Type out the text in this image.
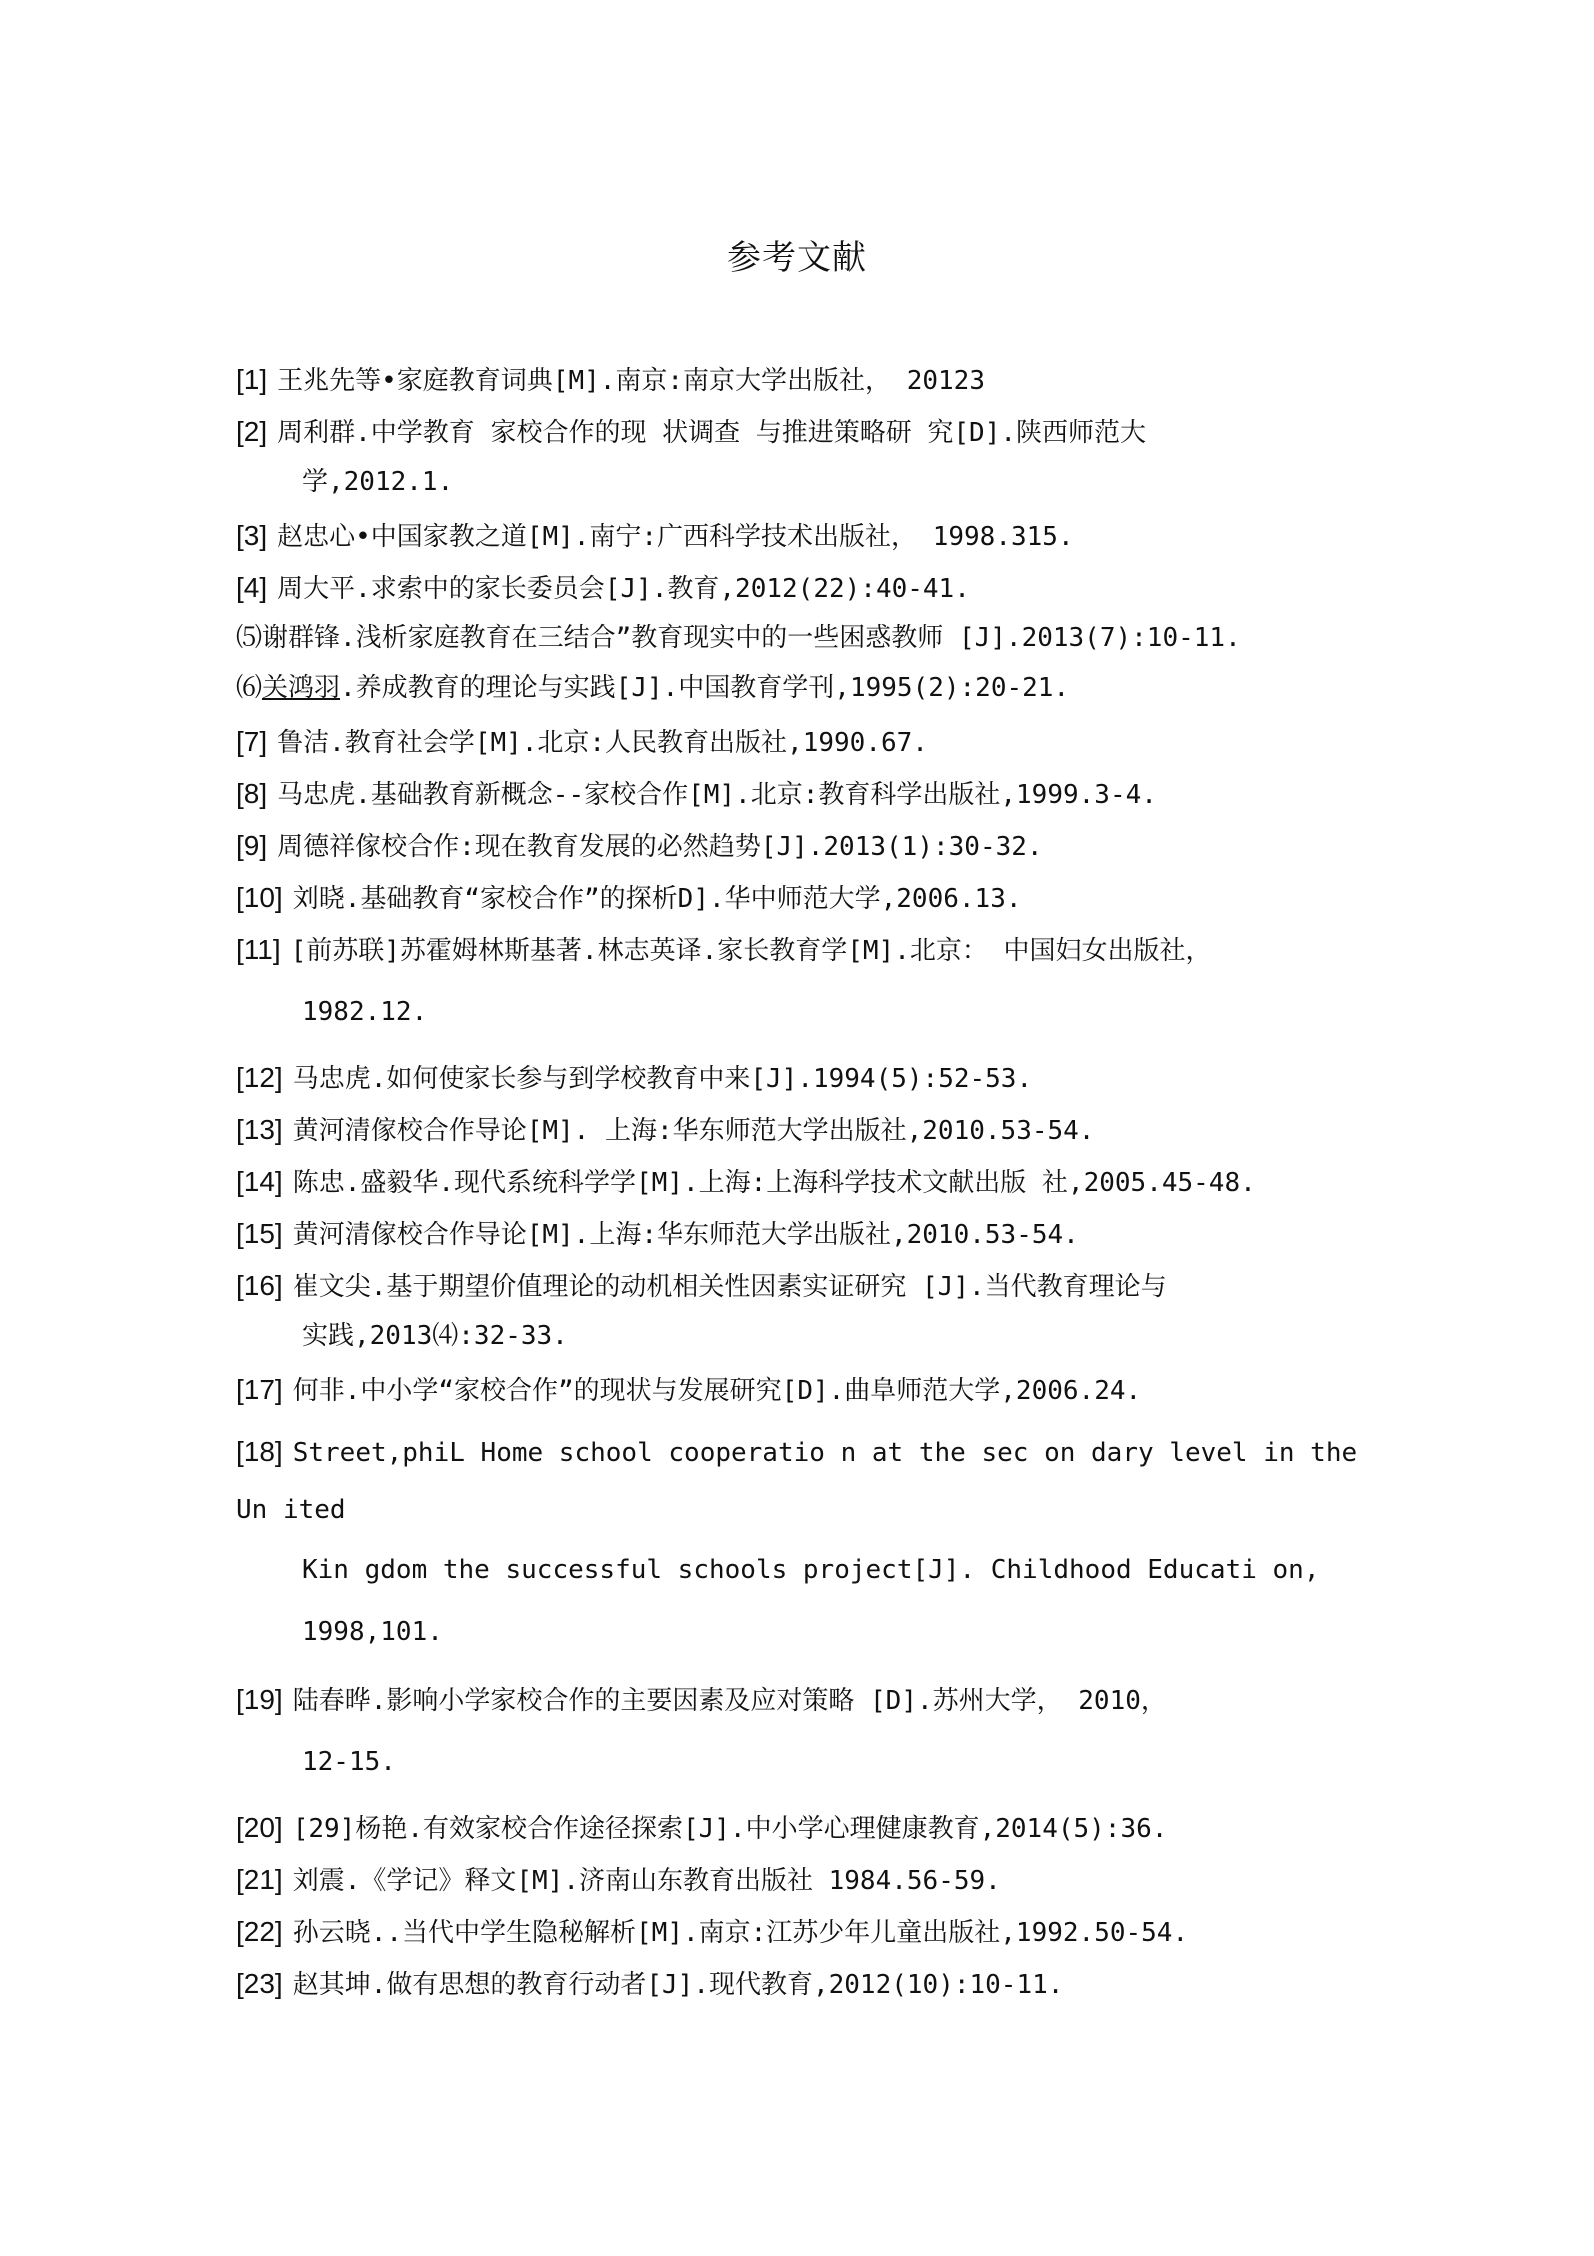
参考文献
[1] 王兆先等•家庭教育词典[M].南京:南京大学出版社， 20123
[2] 周利群.中学教育 家校合作的现 状调查 与推进策略研 究[D].陕西师范大
学,2012.1.
[3] 赵忠心•中国家教之道[M].南宁:广西科学技术出版社， 1998.315.
[4] 周大平.求索中的家长委员会[J].教育,2012(22):40-41.
⑸谢群锋.浅析家庭教育在三结合”教育现实中的一些困惑教师 [J].2013(7):10-11.
⑹关鸿羽.养成教育的理论与实践[J].中国教育学刊,1995(2):20-21.
[7] 鲁洁.教育社会学[M].北京:人民教育出版社,1990.67.
[8] 马忠虎.基础教育新概念--家校合作[M].北京:教育科学出版社,1999.3-4.
[9] 周德祥傢校合作:现在教育发展的必然趋势[J].2013(1):30-32.
[10] 刘晓.基础教育“家校合作”的探析D].华中师范大学,2006.13.
[11] [前苏联]苏霍姆林斯基著.林志英译.家长教育学[M].北京： 中国妇女出版社，
1982.12.
[12] 马忠虎.如何使家长参与到学校教育中来[J].1994(5):52-53.
[13] 黄河清傢校合作导论[M]. 上海:华东师范大学出版社,2010.53-54.
[14] 陈忠.盛毅华.现代系统科学学[M].上海:上海科学技术文献出版 社,2005.45-48.
[15] 黄河清傢校合作导论[M].上海:华东师范大学出版社,2010.53-54.
[16] 崔文尖.基于期望价值理论的动机相关性因素实证研究 [J].当代教育理论与
实践,2013⑷:32-33.
[17] 何非.中小学“家校合作”的现状与发展研究[D].曲阜师范大学,2006.24.
[18] Street,phiL Home school cooperatio n at the sec on dary level in the
Un ited
Kin gdom the successful schools project[J]. Childhood Educati on,
1998,101.
[19] 陆春晔.影响小学家校合作的主要因素及应对策略 [D].苏州大学， 2010，
12-15.
[20] [29]杨艳.有效家校合作途径探索[J].中小学心理健康教育,2014(5):36.
[21] 刘震.《学记》释文[M].济南山东教育出版社 1984.56-59.
[22] 孙云晓..当代中学生隐秘解析[M].南京:江苏少年儿童出版社,1992.50-54.
[23] 赵其坤.做有思想的教育行动者[J].现代教育,2012(10):10-11.
